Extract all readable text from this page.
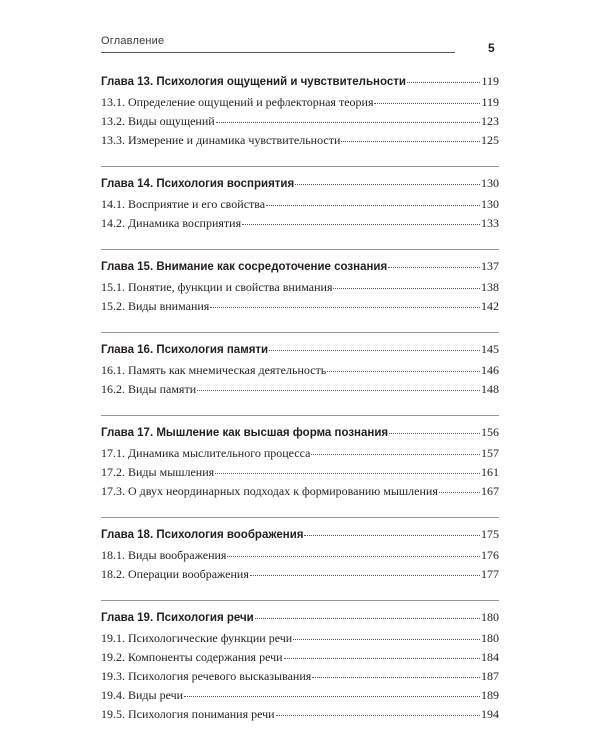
Оглавление	5
Глава 13. Психология ощущений и чувствительности	119
13.1. Определение ощущений и рефлекторная теория	119
13.2. Виды ощущений	123
13.3. Измерение и динамика чувствительности	125
Глава 14. Психология восприятия	130
14.1. Восприятие и его свойства	130
14.2. Динамика восприятия	133
Глава 15. Внимание как сосредоточение сознания	137
15.1. Понятие, функции и свойства внимания	138
15.2. Виды внимания	142
Глава 16. Психология памяти	145
16.1. Память как мнемическая деятельность	146
16.2. Виды памяти	148
Глава 17. Мышление как высшая форма познания	156
17.1. Динамика мыслительного процесса	157
17.2. Виды мышления	161
17.3. О двух неординарных подходах к формированию мышления	167
Глава 18. Психология воображения	175
18.1. Виды воображения	176
18.2. Операции воображения	177
Глава 19. Психология речи	180
19.1. Психологические функции речи	180
19.2. Компоненты содержания речи	184
19.3. Психология речевого высказывания	187
19.4. Виды речи	189
19.5. Психология понимания речи	194
